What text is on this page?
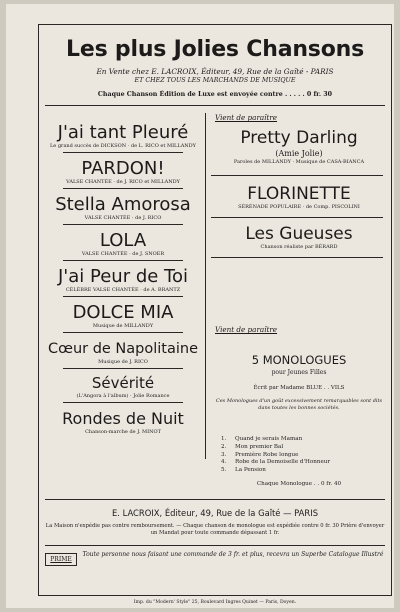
Les plus Jolies Chansons
En Vente chez E. LACROIX, Éditeur, 49, Rue de la Gaîté - PARIS
ET CHEZ TOUS LES MARCHANDS DE MUSIQUE
Chaque Chanson Édition de Luxe est envoyée contre . . . . . 0 fr. 30
J'ai tant Pleuré
Le grand succès de DICKSON · de L. RICO et MILLANDY
PARDON!
VALSE CHANTÉE · de J. RICO et MILLANDY
Stella Amorosa
VALSE CHANTÉE · de J. RICO
LOLA
VALSE CHANTÉE · de J. SNOER
J'ai Peur de Toi
CÉLÈBRE VALSE CHANTÉE · de A. BRANTZ
DOLCE MIA
Musique de MILLANDY
Cœur de Napolitaine
Musique de J. RICO
Sévérité
(L'Angora à l'album) · Jolie Romance
Rondes de Nuit
Chanson-marche de J. MINOT
Vient de paraître
Pretty Darling
(Amie Jolie)
Paroles de MILLANDY · Musique de CASA-BIANCA
FLORINETTE
SÉRÉNADE POPULAIRE · de Comp. PISCOLINI
Les Gueuses
Chanson réaliste par BÉRARD
Vient de paraître
5 MONOLOGUES
pour Jeunes Filles
Écrit par Madame BLUE . . VILS
Ces Monologues d'un goût excessivement remarquables sont dits dans toutes les bonnes sociétés.
1. Quand je serais Maman
2. Mon premier Bal
3. Première Robe longue
4. Robe de la Demoiselle d'Honneur
5. La Pension
Chaque Monologue . . 0 fr. 40
E. LACROIX, Éditeur, 49, Rue de la Gaîté — PARIS
La Maison n'expédie pas contre remboursement. — Chaque chanson de monologue est expédiée contre 0 fr. 30 Prière d'envoyer un Mandat pour toute commande dépassant 1 fr.
PRIME
Toute personne nous faisant une commande de 3 fr. et plus, recevra un Superbe Catalogue Illustré
Imp. du "Modern' Style" 25, Boulevard Ingres Quinet — Paris, Doyen.
